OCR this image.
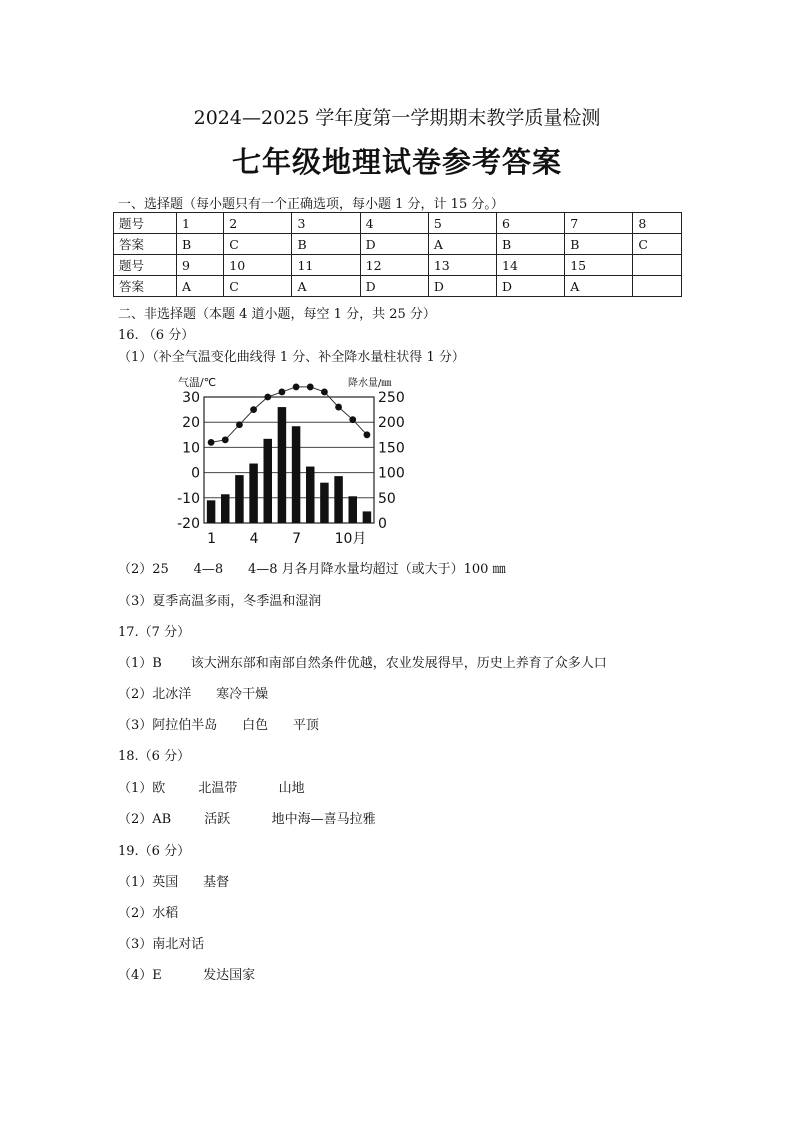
2024—2025 学年度第一学期期末教学质量检测
七年级地理试卷参考答案
一、选择题（每小题只有一个正确选项，每小题 1 分，计 15 分。）
题号	1	2	3	4	5	6	7	8
答案	B	C	B	D	A	B	B	C
题号	9	10	11	12	13	14	15	
答案	A	C	A	D	D	D	A	
二、非选择题（本题 4 道小题，每空 1 分，共 25 分）
16. （6 分）
（1）（补全气温变化曲线得 1 分、补全降水量柱状得 1 分）
气温/℃	降水量/㎜
30
20
10
0
-10
-20
250
200
150
100
50
0
1 4 7 10月
（2）25      4—8      4—8 月各月降水量均超过（或大于）100 ㎜
（3）夏季高温多雨，冬季温和湿润
17.（7 分）
（1）B       该大洲东部和南部自然条件优越，农业发展得早，历史上养育了众多人口
（2）北冰洋      寒冷干燥
（3）阿拉伯半岛      白色      平顶
18.（6 分）
（1）欧        北温带          山地
（2）AB        活跃          地中海—喜马拉雅
19.（6 分）
（1）英国      基督
（2）水稻
（3）南北对话
（4）E          发达国家
